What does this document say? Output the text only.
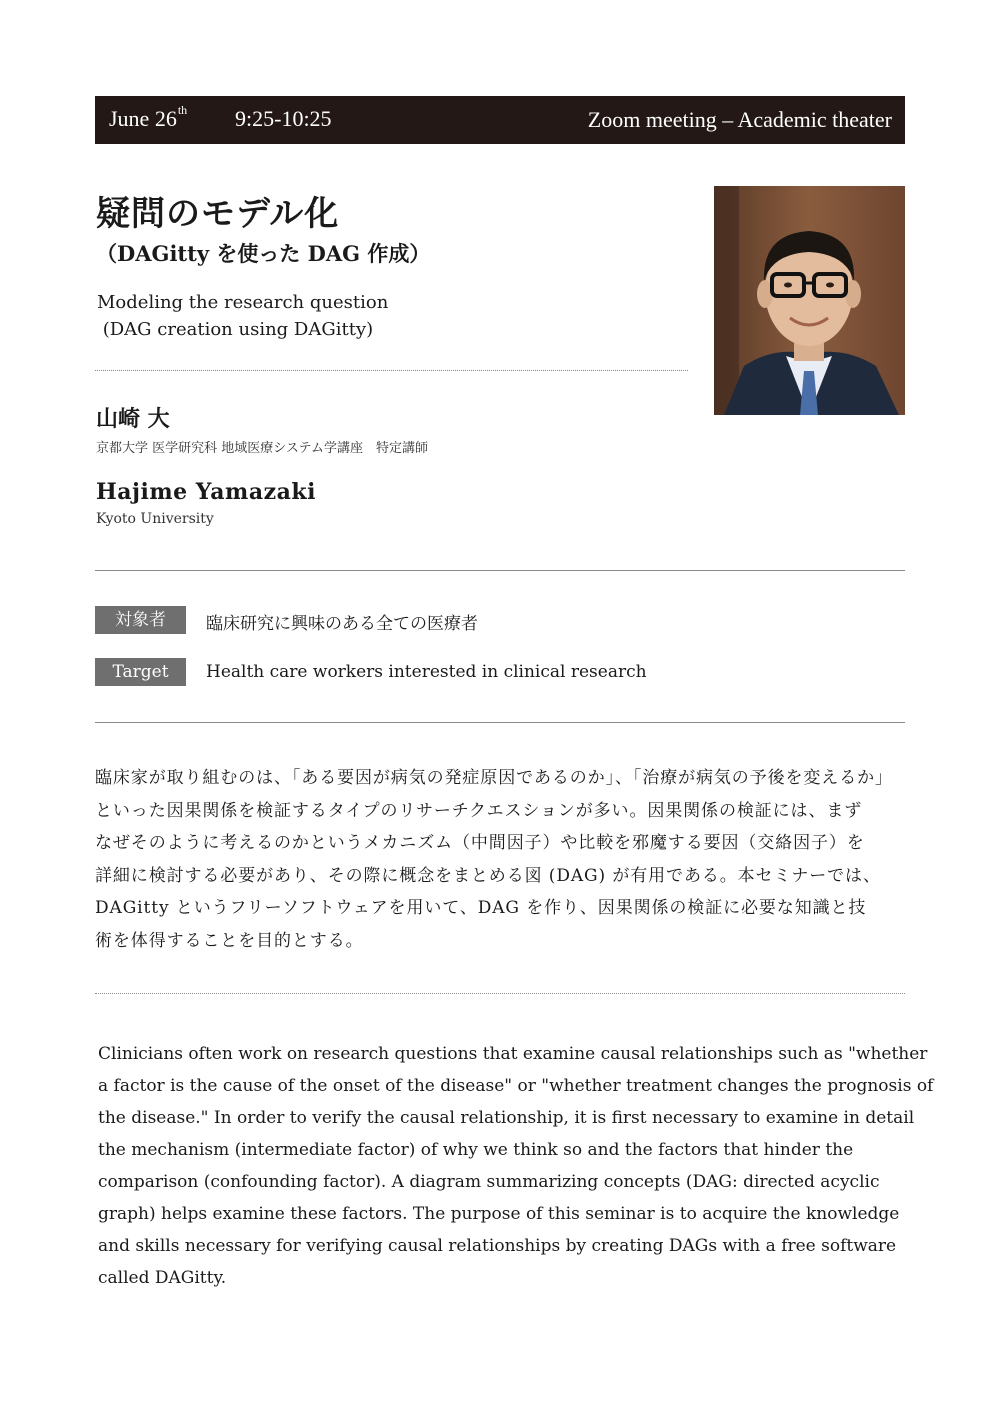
June 26th 9:25-10:25	Zoom meeting – Academic theater
疑問のモデル化
（DAGitty を使った DAG 作成）
Modeling the research question
(DAG creation using DAGitty)
山崎 大
京都大学 医学研究科 地域医療システム学講座　特定講師
Hajime Yamazaki
Kyoto University
対象者	臨床研究に興味のある全ての医療者
Target	Health care workers interested in clinical research
臨床家が取り組むのは、「ある要因が病気の発症原因であるのか」、「治療が病気の予後を変えるか」
といった因果関係を検証するタイプのリサーチクエスションが多い。因果関係の検証には、まず
なぜそのように考えるのかというメカニズム（中間因子）や比較を邪魔する要因（交絡因子）を
詳細に検討する必要があり、その際に概念をまとめる図 (DAG) が有用である。本セミナーでは、
DAGitty というフリーソフトウェアを用いて、DAG を作り、因果関係の検証に必要な知識と技
術を体得することを目的とする。
Clinicians often work on research questions that examine causal relationships such as "whether
a factor is the cause of the onset of the disease" or "whether treatment changes the prognosis of
the disease." In order to verify the causal relationship, it is first necessary to examine in detail
the mechanism (intermediate factor) of why we think so and the factors that hinder the
comparison (confounding factor). A diagram summarizing concepts (DAG: directed acyclic
graph) helps examine these factors. The purpose of this seminar is to acquire the knowledge
and skills necessary for verifying causal relationships by creating DAGs with a free software
called DAGitty.
